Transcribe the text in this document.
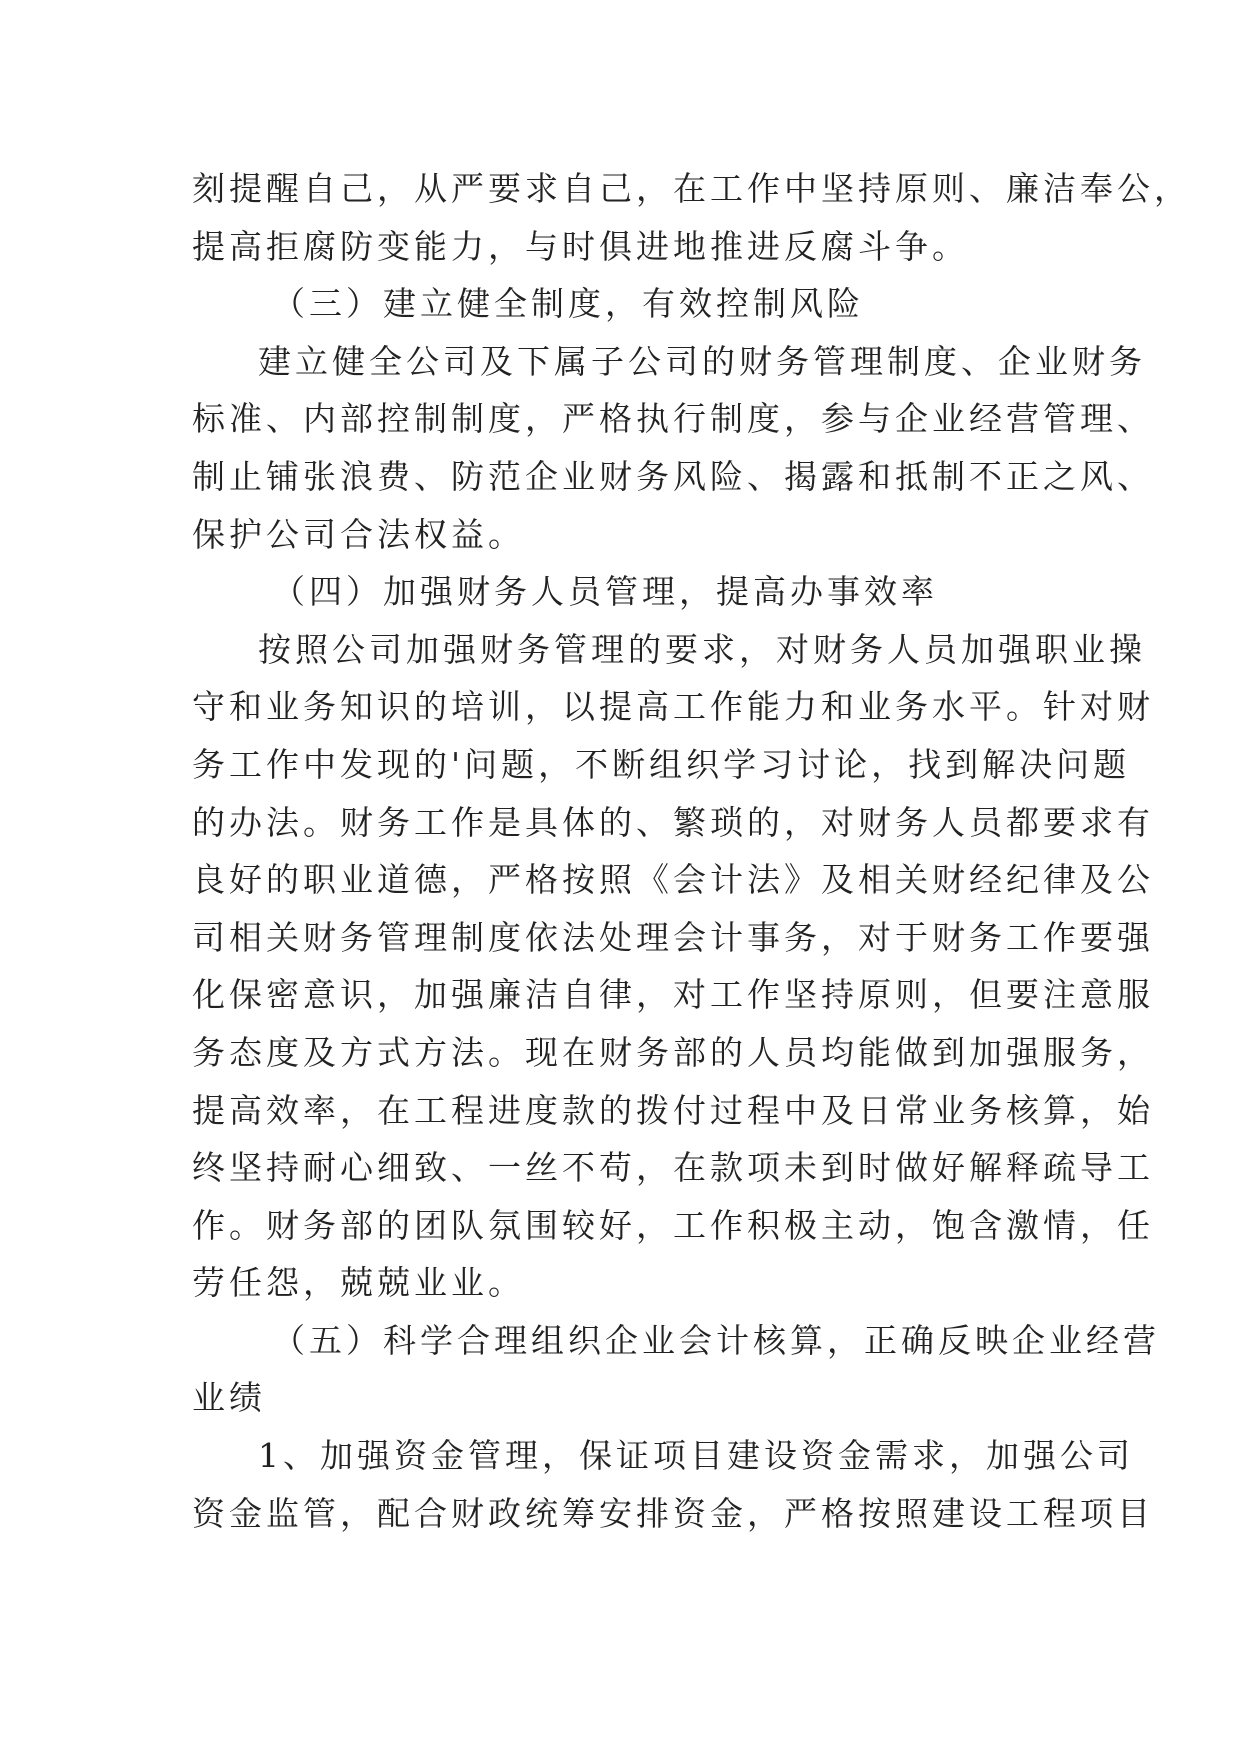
刻提醒自己，从严要求自己，在工作中坚持原则、廉洁奉公，
提高拒腐防变能力，与时俱进地推进反腐斗争。
（三）建立健全制度，有效控制风险
建立健全公司及下属子公司的财务管理制度、企业财务
标准、内部控制制度，严格执行制度，参与企业经营管理、
制止铺张浪费、防范企业财务风险、揭露和抵制不正之风、
保护公司合法权益。
（四）加强财务人员管理，提高办事效率
按照公司加强财务管理的要求，对财务人员加强职业操
守和业务知识的培训，以提高工作能力和业务水平。针对财
务工作中发现的'问题，不断组织学习讨论，找到解决问题
的办法。财务工作是具体的、繁琐的，对财务人员都要求有
良好的职业道德，严格按照《会计法》及相关财经纪律及公
司相关财务管理制度依法处理会计事务，对于财务工作要强
化保密意识，加强廉洁自律，对工作坚持原则，但要注意服
务态度及方式方法。现在财务部的人员均能做到加强服务，
提高效率，在工程进度款的拨付过程中及日常业务核算，始
终坚持耐心细致、一丝不苟，在款项未到时做好解释疏导工
作。财务部的团队氛围较好，工作积极主动，饱含激情，任
劳任怨，兢兢业业。
（五）科学合理组织企业会计核算，正确反映企业经营
业绩
1、加强资金管理，保证项目建设资金需求，加强公司
资金监管，配合财政统筹安排资金，严格按照建设工程项目
